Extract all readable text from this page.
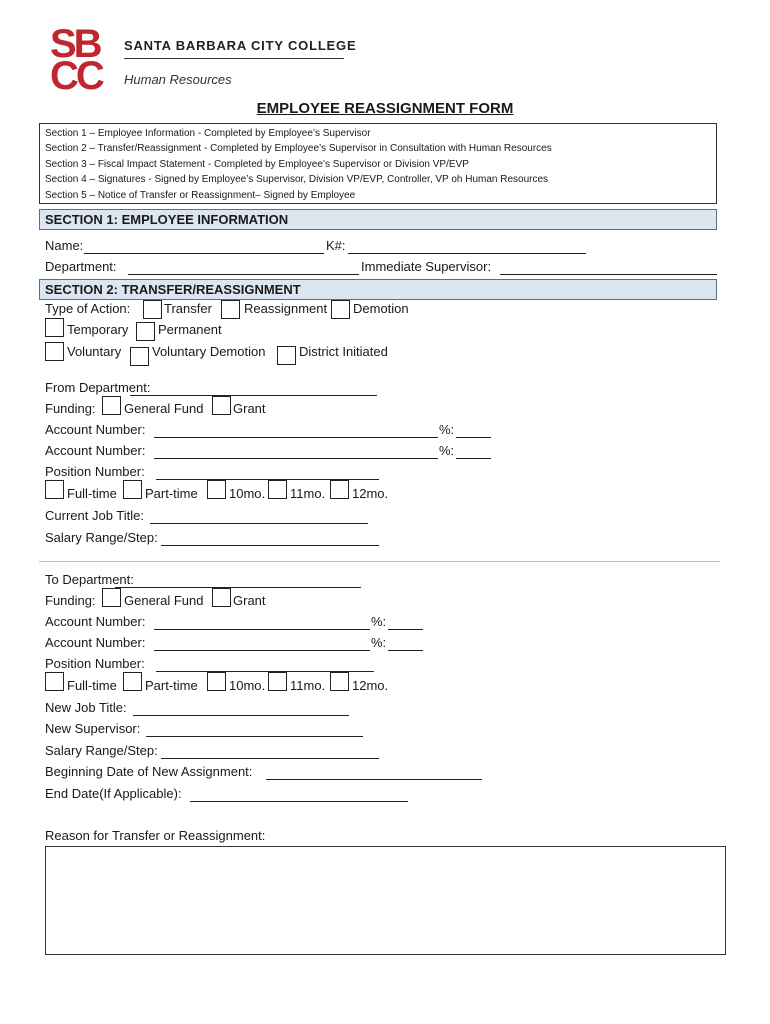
SB
CC
SANTA BARBARA CITY COLLEGE
Human Resources
EMPLOYEE REASSIGNMENT FORM
Section 1 – Employee Information - Completed by Employee’s Supervisor
Section 2 – Transfer/Reassignment - Completed by Employee’s Supervisor in Consultation with Human Resources
Section 3 – Fiscal Impact Statement - Completed by Employee’s Supervisor or Division VP/EVP
Section 4 – Signatures - Signed by Employee’s Supervisor, Division VP/EVP, Controller, VP oh Human Resources
Section 5 – Notice of Transfer or Reassignment– Signed by Employee
SECTION 1: EMPLOYEE INFORMATION
Name:	K#:
Department:	Immediate Supervisor:
SECTION 2: TRANSFER/REASSIGNMENT
Type of Action:	Transfer Reassignment Demotion
Temporary Permanent
Voluntary Voluntary Demotion	District Initiated
From Department:
Funding: General Fund Grant
Account Number:	%:
Account Number:	%:
Position Number:
Full-time Part-time 10mo. 11mo. 12mo.
Current Job Title:
Salary Range/Step:
To Department:
Funding: General Fund Grant
Account Number:	%:
Account Number:	%:
Position Number:
Full-time Part-time 10mo. 11mo. 12mo.
New Job Title:
New Supervisor:
Salary Range/Step:
Beginning Date of New Assignment:
End Date(If Applicable):
Reason for Transfer or Reassignment:
